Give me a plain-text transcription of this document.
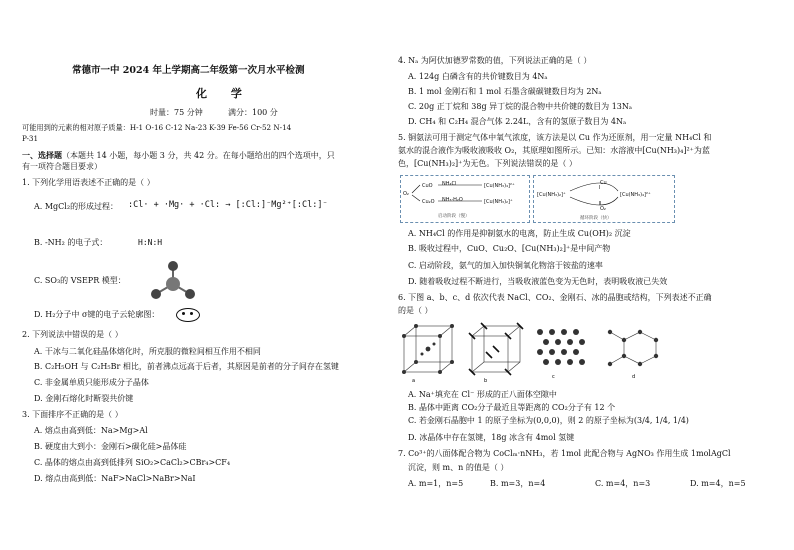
常德市一中 2024 年上学期高二年级第一次月水平检测
化 学
时量：75 分钟	满分：100 分
可能用到的元素的相对原子质量：H-1 O-16 C-12 Na-23 K-39 Fe-56 Cr-52 N-14
P-31
一、选择题（本题共 14 小题，每小题 3 分，共 42 分。在每小题给出的四个选项中，只
有一项符合题目要求）
1. 下列化学用语表述不正确的是（ ）
A. MgCl₂的形成过程： :Cl· + ·Mg· + ·Cl: → [:Cl:]⁻Mg²⁺[:Cl:]⁻
B. -NH₂ 的电子式：	H:N:H
C. SO₃的 VSEPR 模型：
D. H₂分子中 σ键的电子云轮廓图：
2. 下列说法中错误的是（ ）
A. 干冰与二氧化硅晶体熔化时，所克服的微粒间相互作用不相同
B. C₂H₅OH 与 C₂H₅Br 相比，前者沸点远高于后者，其原因是前者的分子间存在氢键
C. 非金属单质只能形成分子晶体
D. 金刚石熔化时断裂共价键
3. 下面排序不正确的是（ ）
A. 熔点由高到低：Na>Mg>Al
B. 硬度由大到小：金刚石>碳化硅>晶体硅
C. 晶体的熔点由高到低排列 SiO₂>CaCl₂>CBr₄>CF₄
D. 熔点由高到低：NaF>NaCl>NaBr>NaI
4. Nₐ 为阿伏加德罗常数的值，下列说法正确的是（ ）
A. 124g 白磷含有的共价键数目为 4Nₐ
B. 1 mol 金刚石和 1 mol 石墨含碳碳键数目均为 2Nₐ
C. 20g 正丁烷和 38g 异丁烷的混合物中共价键的数目为 13Nₐ
D. CH₄ 和 C₂H₄ 混合气体 2.24L，含有的氢原子数目为 4Nₐ
5. 铜氨法可用于测定气体中氧气浓度，该方法是以 Cu 作为还原剂，用一定量 NH₄Cl 和
氨水的混合液作为吸收液吸收 O₂，其原理如图所示。已知：水溶液中[Cu(NH₃)₄]²⁺为蓝
色，[Cu(NH₃)₂]⁺为无色。下列说法错误的是（ ）
CuO NH₄Cl	[Cu(NH₃)₄]²⁺
Cu₂O NH₃·H₂O	[Cu(NH₃)₂]⁺
O₂	[Cu(NH₃)₂]⁺	[Cu(NH₃)₄]²⁺
Cu
Ⅰ
O₂
Ⅱ
启动阶段（慢）	循环阶段（快）
A. NH₄Cl 的作用是抑制氨水的电离，防止生成 Cu(OH)₂ 沉淀
B. 吸收过程中，CuO、Cu₂O、[Cu(NH₃)₂]⁺是中间产物
C. 启动阶段，氨气的加入加快铜氧化物溶于铵盐的速率
D. 随着吸收过程不断进行，当吸收液蓝色变为无色时，表明吸收液已失效
6. 下图 a、b、c、d 依次代表 NaCl、CO₂、金刚石、冰的晶胞或结构，下列表述不正确
的是（ ）
a	b
c	d
A. Na⁺填充在 Cl⁻ 形成的正八面体空隙中
B. 晶体中距离 CO₂分子最近且等距离的 CO₂分子有 12 个
C. 若金刚石晶胞中 1 的原子坐标为(0,0,0)，则 2 的原子坐标为(3/4, 1/4, 1/4)
D. 冰晶体中存在氢键，18g 冰含有 4mol 氢键
7. Co³⁺的八面体配合物为 CoClₘ·nNH₃，若 1mol 此配合物与 AgNO₃ 作用生成 1molAgCl
沉淀，则 m、n 的值是（ ）
A. m=1，n=5	B. m=3，n=4	C. m=4，n=3	D. m=4，n=5
